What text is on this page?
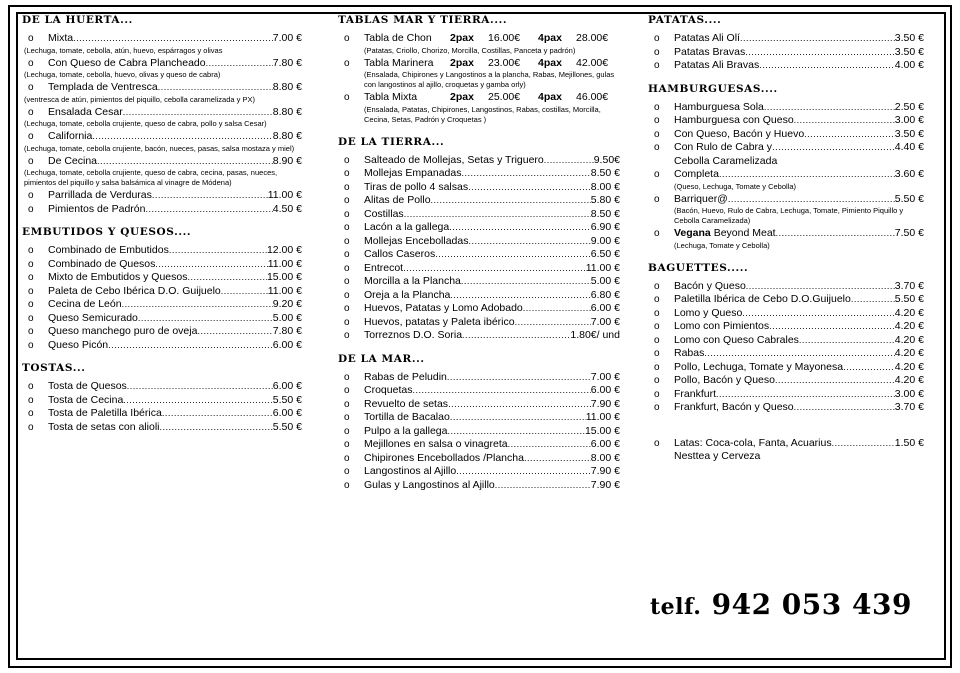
DE LA HUERTA...
o Mixta .....	7.00 €
(Lechuga, tomate, cebolla, atún, huevo, espárragos y olivas
o Con Queso de Cabra Plancheado .....	7.80 €
(Lechuga, tomate, cebolla, huevo, olivas y queso de cabra)
o Templada de Ventresca .....	8.80 €
(ventresca de atún, pimientos del piquillo, cebolla caramelizada y PX)
o Ensalada Cesar .....	8.80 €
(Lechuga, tomate, cebolla crujiente, queso de cabra, pollo y salsa Cesar)
o California .....	8.80 €
(Lechuga, tomate, cebolla crujiente, bacón, nueces, pasas, salsa mostaza y miel)
o De Cecina .....	8.90 €
(Lechuga, tomate, cebolla crujiente, queso de cabra, cecina, pasas, nueces, pimientos del piquillo y salsa balsámica al vinagre de Módena)
o Parrillada de Verduras .....	11.00 €
o Pimientos de Padrón .....	4.50 €
EMBUTIDOS Y QUESOS....
o Combinado de Embutidos .....	12.00 €
o Combinado de Quesos .....	11.00 €
o Mixto de Embutidos y Quesos .....	15.00 €
o Paleta de Cebo Ibérica D.O. Guijuelo .....	11.00 €
o Cecina de León .....	9.20 €
o Queso Semicurado .....	5.00 €
o Queso manchego puro de oveja .....	7.80 €
o Queso Picón .....	6.00 €
TOSTAS...
o Tosta de Quesos .....	6.00 €
o Tosta de Cecina .....	5.50 €
o Tosta de Paletilla Ibérica .....	6.00 €
o Tosta de setas con alioli .....	5.50 €
TABLAS MAR Y TIERRA....
o Tabla de Chon	2pax	16.00€	4pax	28.00€
(Patatas, Criollo, Chorizo, Morcilla, Costillas, Panceta y padrón)
o Tabla Marinera	2pax	23.00€	4pax	42.00€
(Ensalada, Chipirones y Langostinos a la plancha, Rabas, Mejillones, gulas con langostinos al ajillo, croquetas y gamba orly)
o Tabla Mixta	2pax	25.00€	4pax	46.00€
(Ensalada, Patatas, Chipirones, Langostinos, Rabas, costillas, Morcilla, Cecina, Setas, Padrón y Croquetas )
DE LA TIERRA...
o Salteado de Mollejas, Setas y Triguero .....	9.50€
o Mollejas Empanadas .....	8.50 €
o Tiras de pollo 4 salsas .....	8.00 €
o Alitas de Pollo .....	5.80 €
o Costillas .....	8.50 €
o Lacón a la gallega .....	6.90 €
o Mollejas Encebolladas .....	9.00 €
o Callos Caseros .....	6.50 €
o Entrecot .....	11.00 €
o Morcilla a la Plancha .....	5.00 €
o Oreja a la Plancha .....	6.80 €
o Huevos, Patatas y Lomo Adobado .....	6.00 €
o Huevos, patatas y Paleta ibérico .....	7.00 €
o Torreznos D.O. Soria .....	1.80€/ und
DE LA MAR...
o Rabas de Peludin .....	7.00 €
o Croquetas .....	6.00 €
o Revuelto de setas .....	7.90 €
o Tortilla de Bacalao .....	11.00 €
o Pulpo a la gallega .....	15.00 €
o Mejillones en salsa o vinagreta .....	6.00 €
o Chipirones Encebollados /Plancha .....	8.00 €
o Langostinos al Ajillo .....	7.90 €
o Gulas y Langostinos al Ajillo .....	7.90 €
PATATAS....
o Patatas Ali Olí .....	3.50 €
o Patatas Bravas .....	3.50 €
o Patatas Ali Bravas .....	4.00 €
HAMBURGUESAS....
o Hamburguesa Sola .....	2.50 €
o Hamburguesa con Queso .....	3.00 €
o Con Queso, Bacón y Huevo .....	3.50 €
o Con Rulo de Cabra y .....	4.40 €
Cebolla Caramelizada
o Completa .....	3.60 €
(Queso, Lechuga, Tomate y Cebolla)
o Barriquer@ .....	5.50 €
(Bacón, Huevo, Rulo de Cabra, Lechuga, Tomate, Pimiento Piquillo y Cebolla Caramelizada)
o Vegana Beyond Meat .....	7.50 €
(Lechuga, Tomate y Cebolla)
BAGUETTES.....
o Bacón y Queso .....	3.70 €
o Paletilla Ibérica de Cebo D.O.Guijuelo .....	5.50 €
o Lomo y Queso .....	4.20 €
o Lomo con Pimientos .....	4.20 €
o Lomo con Queso Cabrales .....	4.20 €
o Rabas .....	4.20 €
o Pollo, Lechuga, Tomate y Mayonesa .....	4.20 €
o Pollo, Bacón y Queso .....	4.20 €
o Frankfurt .....	3.00 €
o Frankfurt, Bacón y Queso .....	3.70 €
o Latas: Coca-cola, Fanta, Acuarius .....	1.50 €
Nesttea y Cerveza
telf. 942 053 439
